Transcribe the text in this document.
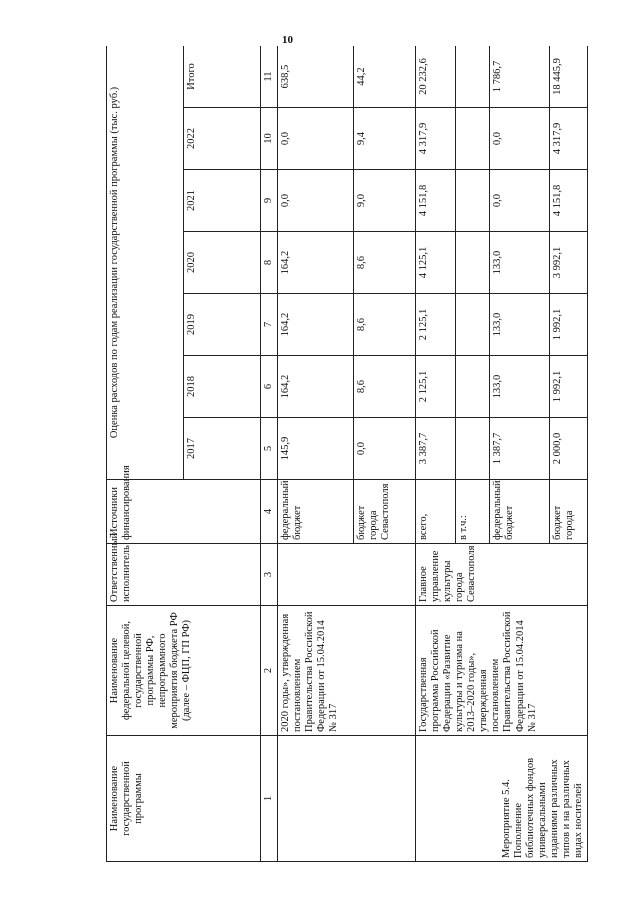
10
Наименование государственной программы	Наименование федеральной целевой, государственной программы РФ, непрограммного мероприятия бюджета РФ (далее – ФЦП, ГП РФ)	Ответственный исполнитель	Источники финансирования	Оценка расходов по годам реализации государственной программы (тыс. руб.)						
				2017	2018	2019	2020	2021	2022	Итого
1	2	3	4	5	6	7	8	9	10	11
	2020 годы», утвержденная постановлением Правительства Российской Федерации от 15.04.2014 № 317		федеральный бюджет	145,9	164,2	164,2	164,2	0,0	0,0	638,5
			бюджет города Севастополя	0,0	8,6	8,6	8,6	9,0	9,4	44,2
Мероприятие 5.4. Пополнение библиотечных фондов универсальными изданиями различных типов и на различных видах носителей	Государственная программа Российской Федерации «Развитие культуры и туризма на 2013–2020 годы», утвержденная постановлением Правительства Российской Федерации от 15.04.2014 № 317	Главное управление культуры города Севастополя	всего,	3 387,7	2 125,1	2 125,1	4 125,1	4 151,8	4 317,9	20 232,6
			в т.ч.:							
			федеральный бюджет	1 387,7	133,0	133,0	133,0	0,0	0,0	1 786,7
			бюджет города	2 000,0	1 992,1	1 992,1	3 992,1	4 151,8	4 317,9	18 445,9
